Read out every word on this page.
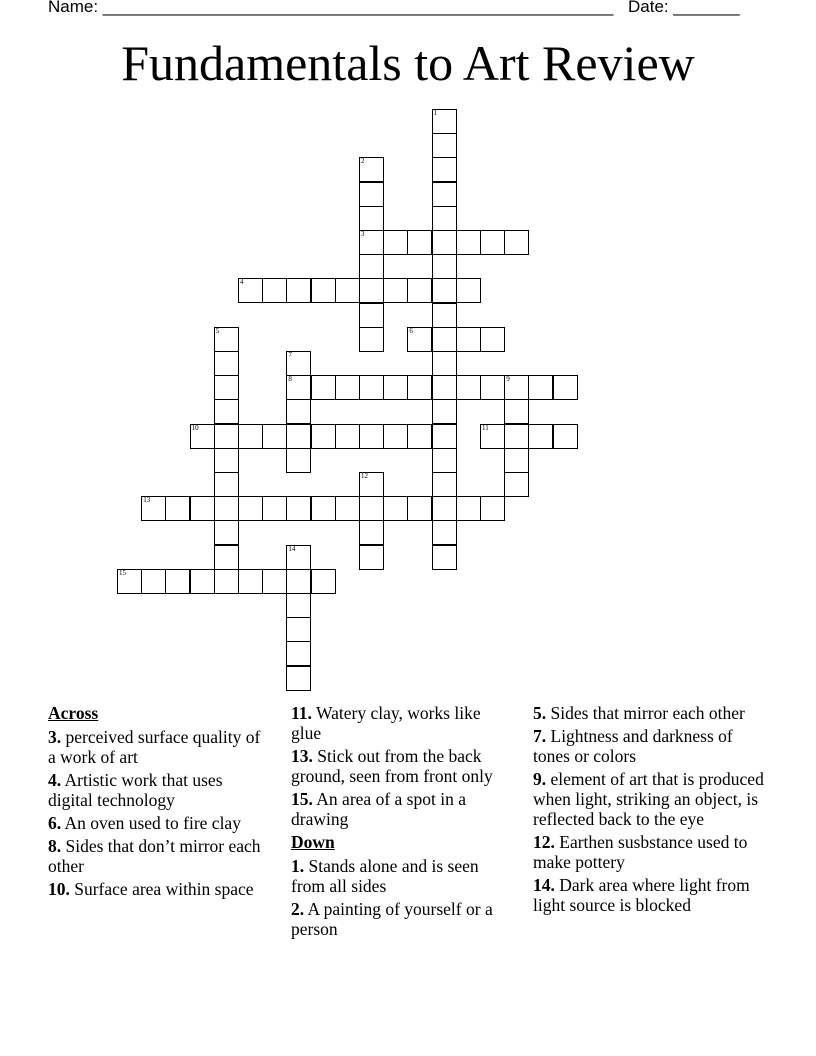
Name: ______________________________________________________ Date: _______
Fundamentals to Art Review
1
2
3
4
5	6
7
8	9
10	11
12
13
14
15
Across
3. perceived surface quality of a work of art
4. Artistic work that uses digital technology
6. An oven used to fire clay
8. Sides that don’t mirror each other
10. Surface area within space
11. Watery clay, works like glue
13. Stick out from the back ground, seen from front only
15. An area of a spot in a drawing
Down
1. Stands alone and is seen from all sides
2. A painting of yourself or a person
5. Sides that mirror each other
7. Lightness and darkness of tones or colors
9. element of art that is produced when light, striking an object, is reflected back to the eye
12. Earthen susbstance used to make pottery
14. Dark area where light from light source is blocked
